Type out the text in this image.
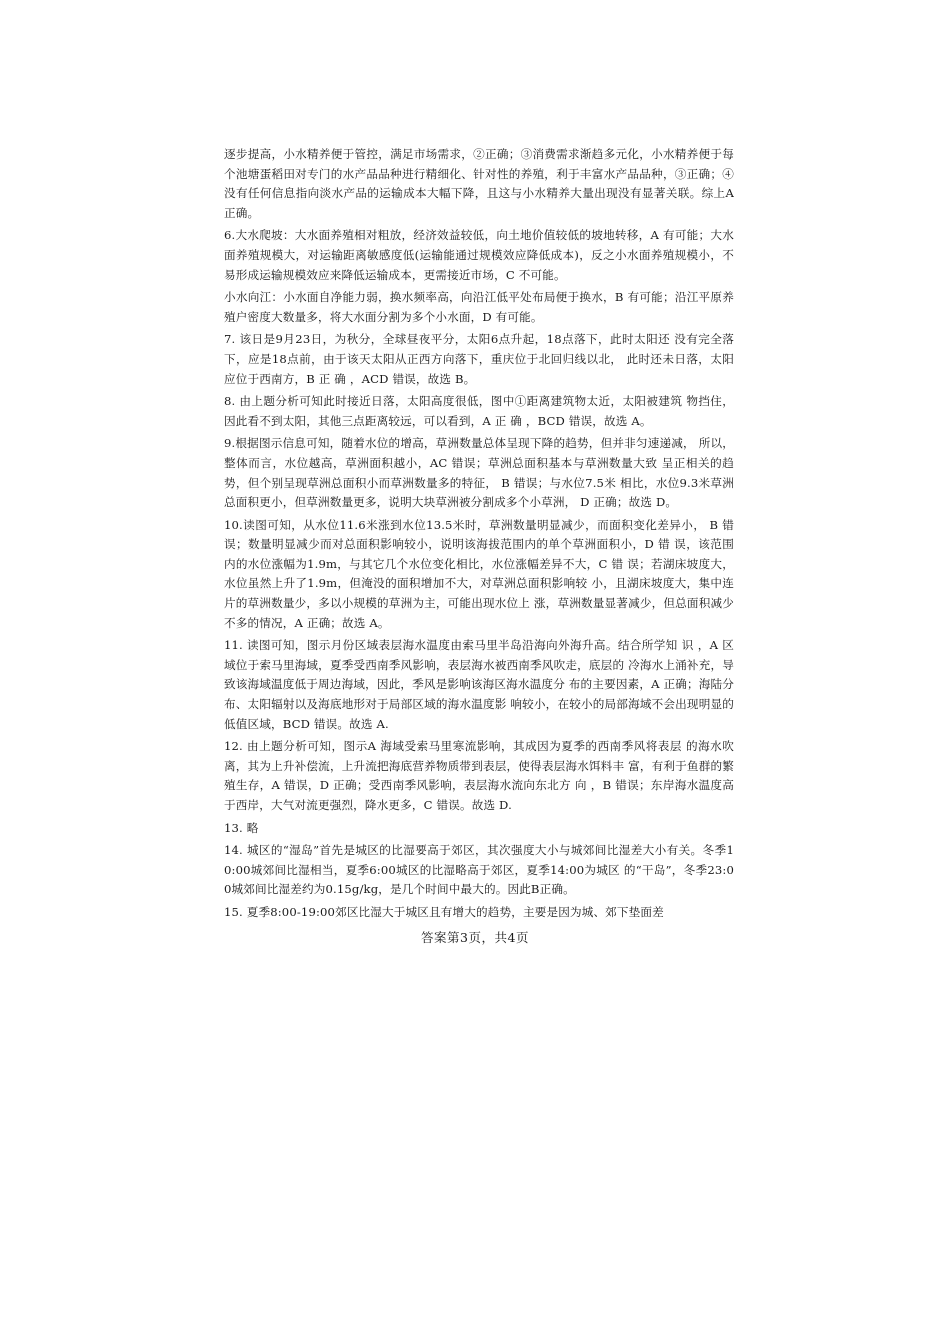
逐步提高，小水精养便于管控，满足市场需求，②正确；③消费需求渐趋多元化，小水精养便于每个池塘蛋稻田对专门的水产品品种进行精细化、针对性的养殖，利于丰富水产品品种，③正确；④没有任何信息指向淡水产品的运输成本大幅下降，且这与小水精养大量出现没有显著关联。综上A 正确。

6.大水爬坡：大水面养殖相对粗放，经济效益较低，向土地价值较低的坡地转移，A 有可能；大水面养殖规模大，对运输距离敏感度低(运输能通过规模效应降低成本)，反之小水面养殖规模小，不易形成运输规模效应来降低运输成本，更需接近市场，C 不可能。

小水向江：小水面自净能力弱，换水频率高，向沿江低平处布局便于换水，B 有可能；沿江平原养殖户密度大数量多，将大水面分割为多个小水面，D 有可能。

7. 该日是9月23日，为秋分，全球昼夜平分，太阳6点升起，18点落下，此时太阳还 没有完全落下，应是18点前，由于该天太阳从正西方向落下，重庆位于北回归线以北， 此时还未日落，太阳应位于西南方，B 正 确 ，ACD 错误，故选 B。

8. 由上题分析可知此时接近日落，太阳高度很低，图中①距离建筑物太近，太阳被建筑 物挡住，因此看不到太阳，其他三点距离较远，可以看到，A 正 确 ，BCD 错误，故选 A。

9.根据图示信息可知，随着水位的增高，草洲数量总体呈现下降的趋势，但并非匀速递减， 所以，整体而言，水位越高，草洲面积越小，AC 错误；草洲总面积基本与草洲数量大致 呈正相关的趋势，但个别呈现草洲总面积小而草洲数量多的特征， B 错误；与水位7.5米 相比，水位9.3米草洲总面积更小，但草洲数量更多，说明大块草洲被分割成多个小草洲， D 正确；故选 D。

10.读图可知，从水位11.6米涨到水位13.5米时，草洲数量明显减少，而面积变化差异小， B 错误；数量明显减少而对总面积影响较小，说明该海拔范围内的单个草洲面积小，D 错 误，该范围内的水位涨幅为1.9m，与其它几个水位变化相比，水位涨幅差异不大，C 错 误；若湖床坡度大，水位虽然上升了1.9m，但淹没的面积增加不大，对草洲总面积影响较 小，且湖床坡度大，集中连片的草洲数量少，多以小规模的草洲为主，可能出现水位上 涨，草洲数量显著减少，但总面积减少不多的情况，A 正确；故选 A。

11. 读图可知，图示月份区域表层海水温度由索马里半岛沿海向外海升高。结合所学知 识 ，A 区域位于索马里海域，夏季受西南季风影响，表层海水被西南季风吹走，底层的 冷海水上涌补充，导致该海域温度低于周边海域，因此，季风是影响该海区海水温度分 布的主要因素，A 正确；海陆分布、太阳辐射以及海底地形对于局部区域的海水温度影 响较小，在较小的局部海域不会出现明显的低值区域，BCD 错误。故选 A.

12. 由上题分析可知，图示A 海域受索马里寒流影响，其成因为夏季的西南季风将表层 的海水吹离，其为上升补偿流，上升流把海底营养物质带到表层，使得表层海水饵料丰 富，有利于鱼群的繁殖生存，A 错误，D 正确；受西南季风影响，表层海水流向东北方 向 ，B 错误；东岸海水温度高于西岸，大气对流更强烈，降水更多，C 错误。故选 D.

13. 略

14. 城区的“湿岛”首先是城区的比湿要高于郊区，其次强度大小与城郊间比湿差大小有关。冬季10:00城郊间比湿相当，夏季6:00城区的比湿略高于郊区，夏季14:00为城区 的“干岛”，冬季23:00城郊间比湿差约为0.15g/kg，是几个时间中最大的。因此B正确。

15. 夏季8:00-19:00郊区比湿大于城区且有增大的趋势，主要是因为城、郊下垫面差

答案第3页，共4页
